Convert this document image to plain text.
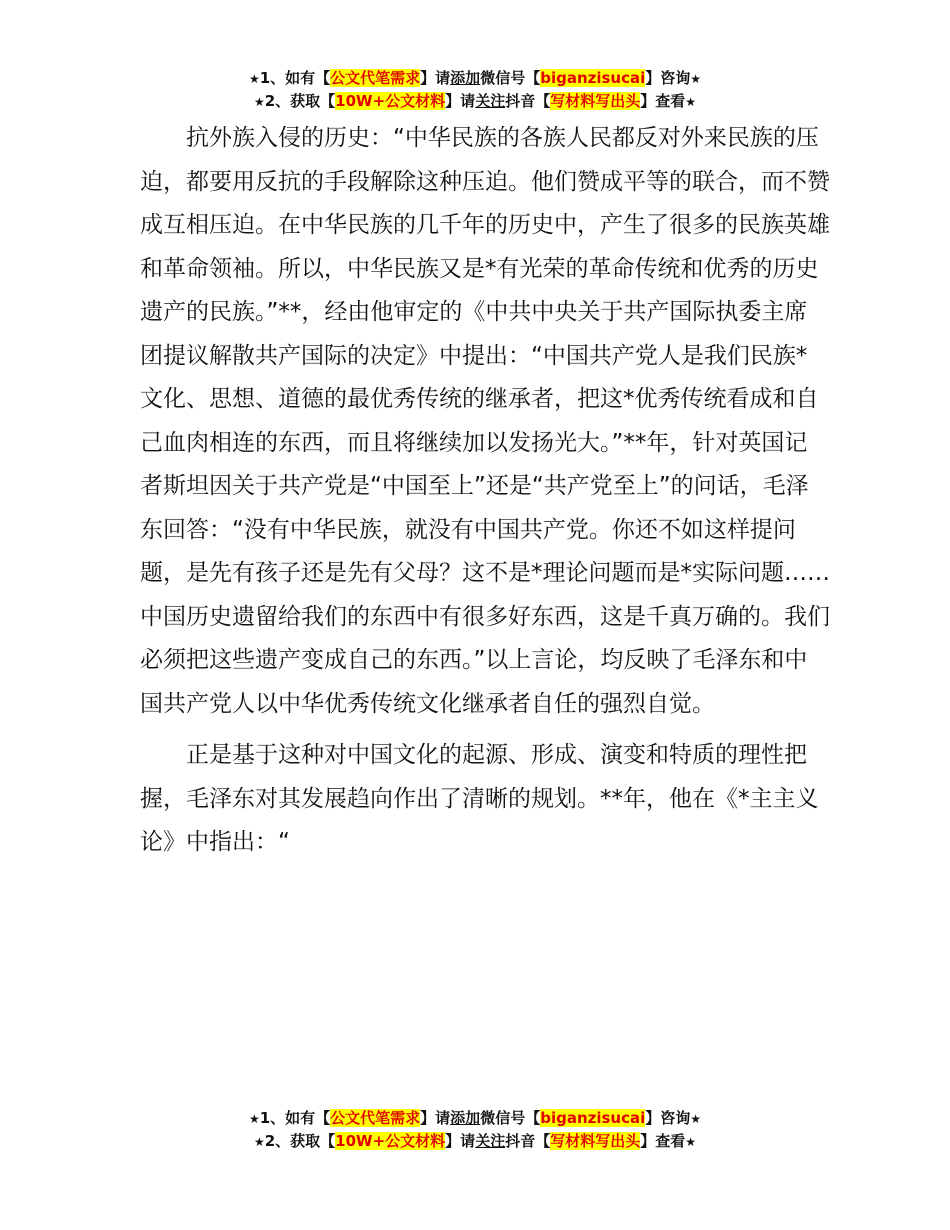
★1、如有【公文代笔需求】请添加微信号【biganzisucai】咨询★
★2、获取【10W+公文材料】请关注抖音【写材料写出头】查看★

抗外族入侵的历史：“中华民族的各族人民都反对外来民族的压迫，都要用反抗的手段解除这种压迫。他们赞成平等的联合，而不赞成互相压迫。在中华民族的几千年的历史中，产生了很多的民族英雄和革命领袖。所以，中华民族又是*有光荣的革命传统和优秀的历史遗产的民族。”**，经由他审定的《中共中央关于共产国际执委主席团提议解散共产国际的决定》中提出：“中国共产党人是我们民族*文化、思想、道德的最优秀传统的继承者，把这*优秀传统看成和自己血肉相连的东西，而且将继续加以发扬光大。”**年，针对英国记者斯坦因关于共产党是“中国至上”还是“共产党至上”的问话，毛泽东回答：“没有中华民族，就没有中国共产党。你还不如这样提问题，是先有孩子还是先有父母？这不是*理论问题而是*实际问题……中国历史遗留给我们的东西中有很多好东西，这是千真万确的。我们必须把这些遗产变成自己的东西。”以上言论，均反映了毛泽东和中国共产党人以中华优秀传统文化继承者自任的强烈自觉。

正是基于这种对中国文化的起源、形成、演变和特质的理性把握，毛泽东对其发展趋向作出了清晰的规划。**年，他在《*主主义论》中指出：“

★1、如有【公文代笔需求】请添加微信号【biganzisucai】咨询★
★2、获取【10W+公文材料】请关注抖音【写材料写出头】查看★
